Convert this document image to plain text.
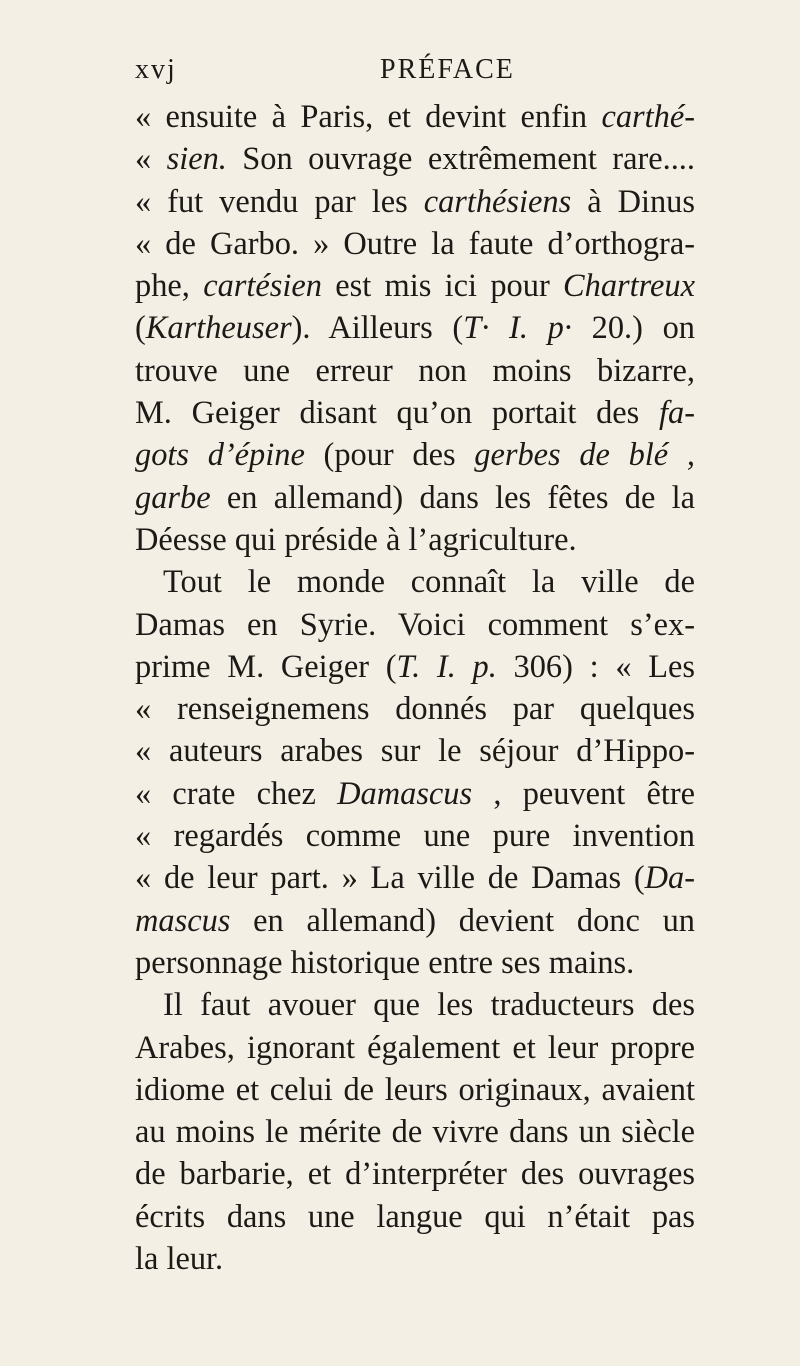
xvj	PRÉFACE
« ensuite à Paris, et devint enfin carthé-
« sien. Son ouvrage extrêmement rare....
« fut vendu par les carthésiens à Dinus
« de Garbo. » Outre la faute d’orthogra-
phe, cartésien est mis ici pour Chartreux
(Kartheuser). Ailleurs (T· I. p· 20.) on
trouve une erreur non moins bizarre,
M. Geiger disant qu’on portait des fa-
gots d’épine (pour des gerbes de blé ,
garbe en allemand) dans les fêtes de la
Déesse qui préside à l’agriculture.
Tout le monde connaît la ville de
Damas en Syrie. Voici comment s’ex-
prime M. Geiger (T. I. p. 306) : « Les
« renseignemens donnés par quelques
« auteurs arabes sur le séjour d’Hippo-
« crate chez Damascus , peuvent être
« regardés comme une pure invention
« de leur part. » La ville de Damas (Da-
mascus en allemand) devient donc un
personnage historique entre ses mains.
Il faut avouer que les traducteurs des
Arabes, ignorant également et leur propre
idiome et celui de leurs originaux, avaient
au moins le mérite de vivre dans un siècle
de barbarie, et d’interpréter des ouvrages
écrits dans une langue qui n’était pas
la leur.
